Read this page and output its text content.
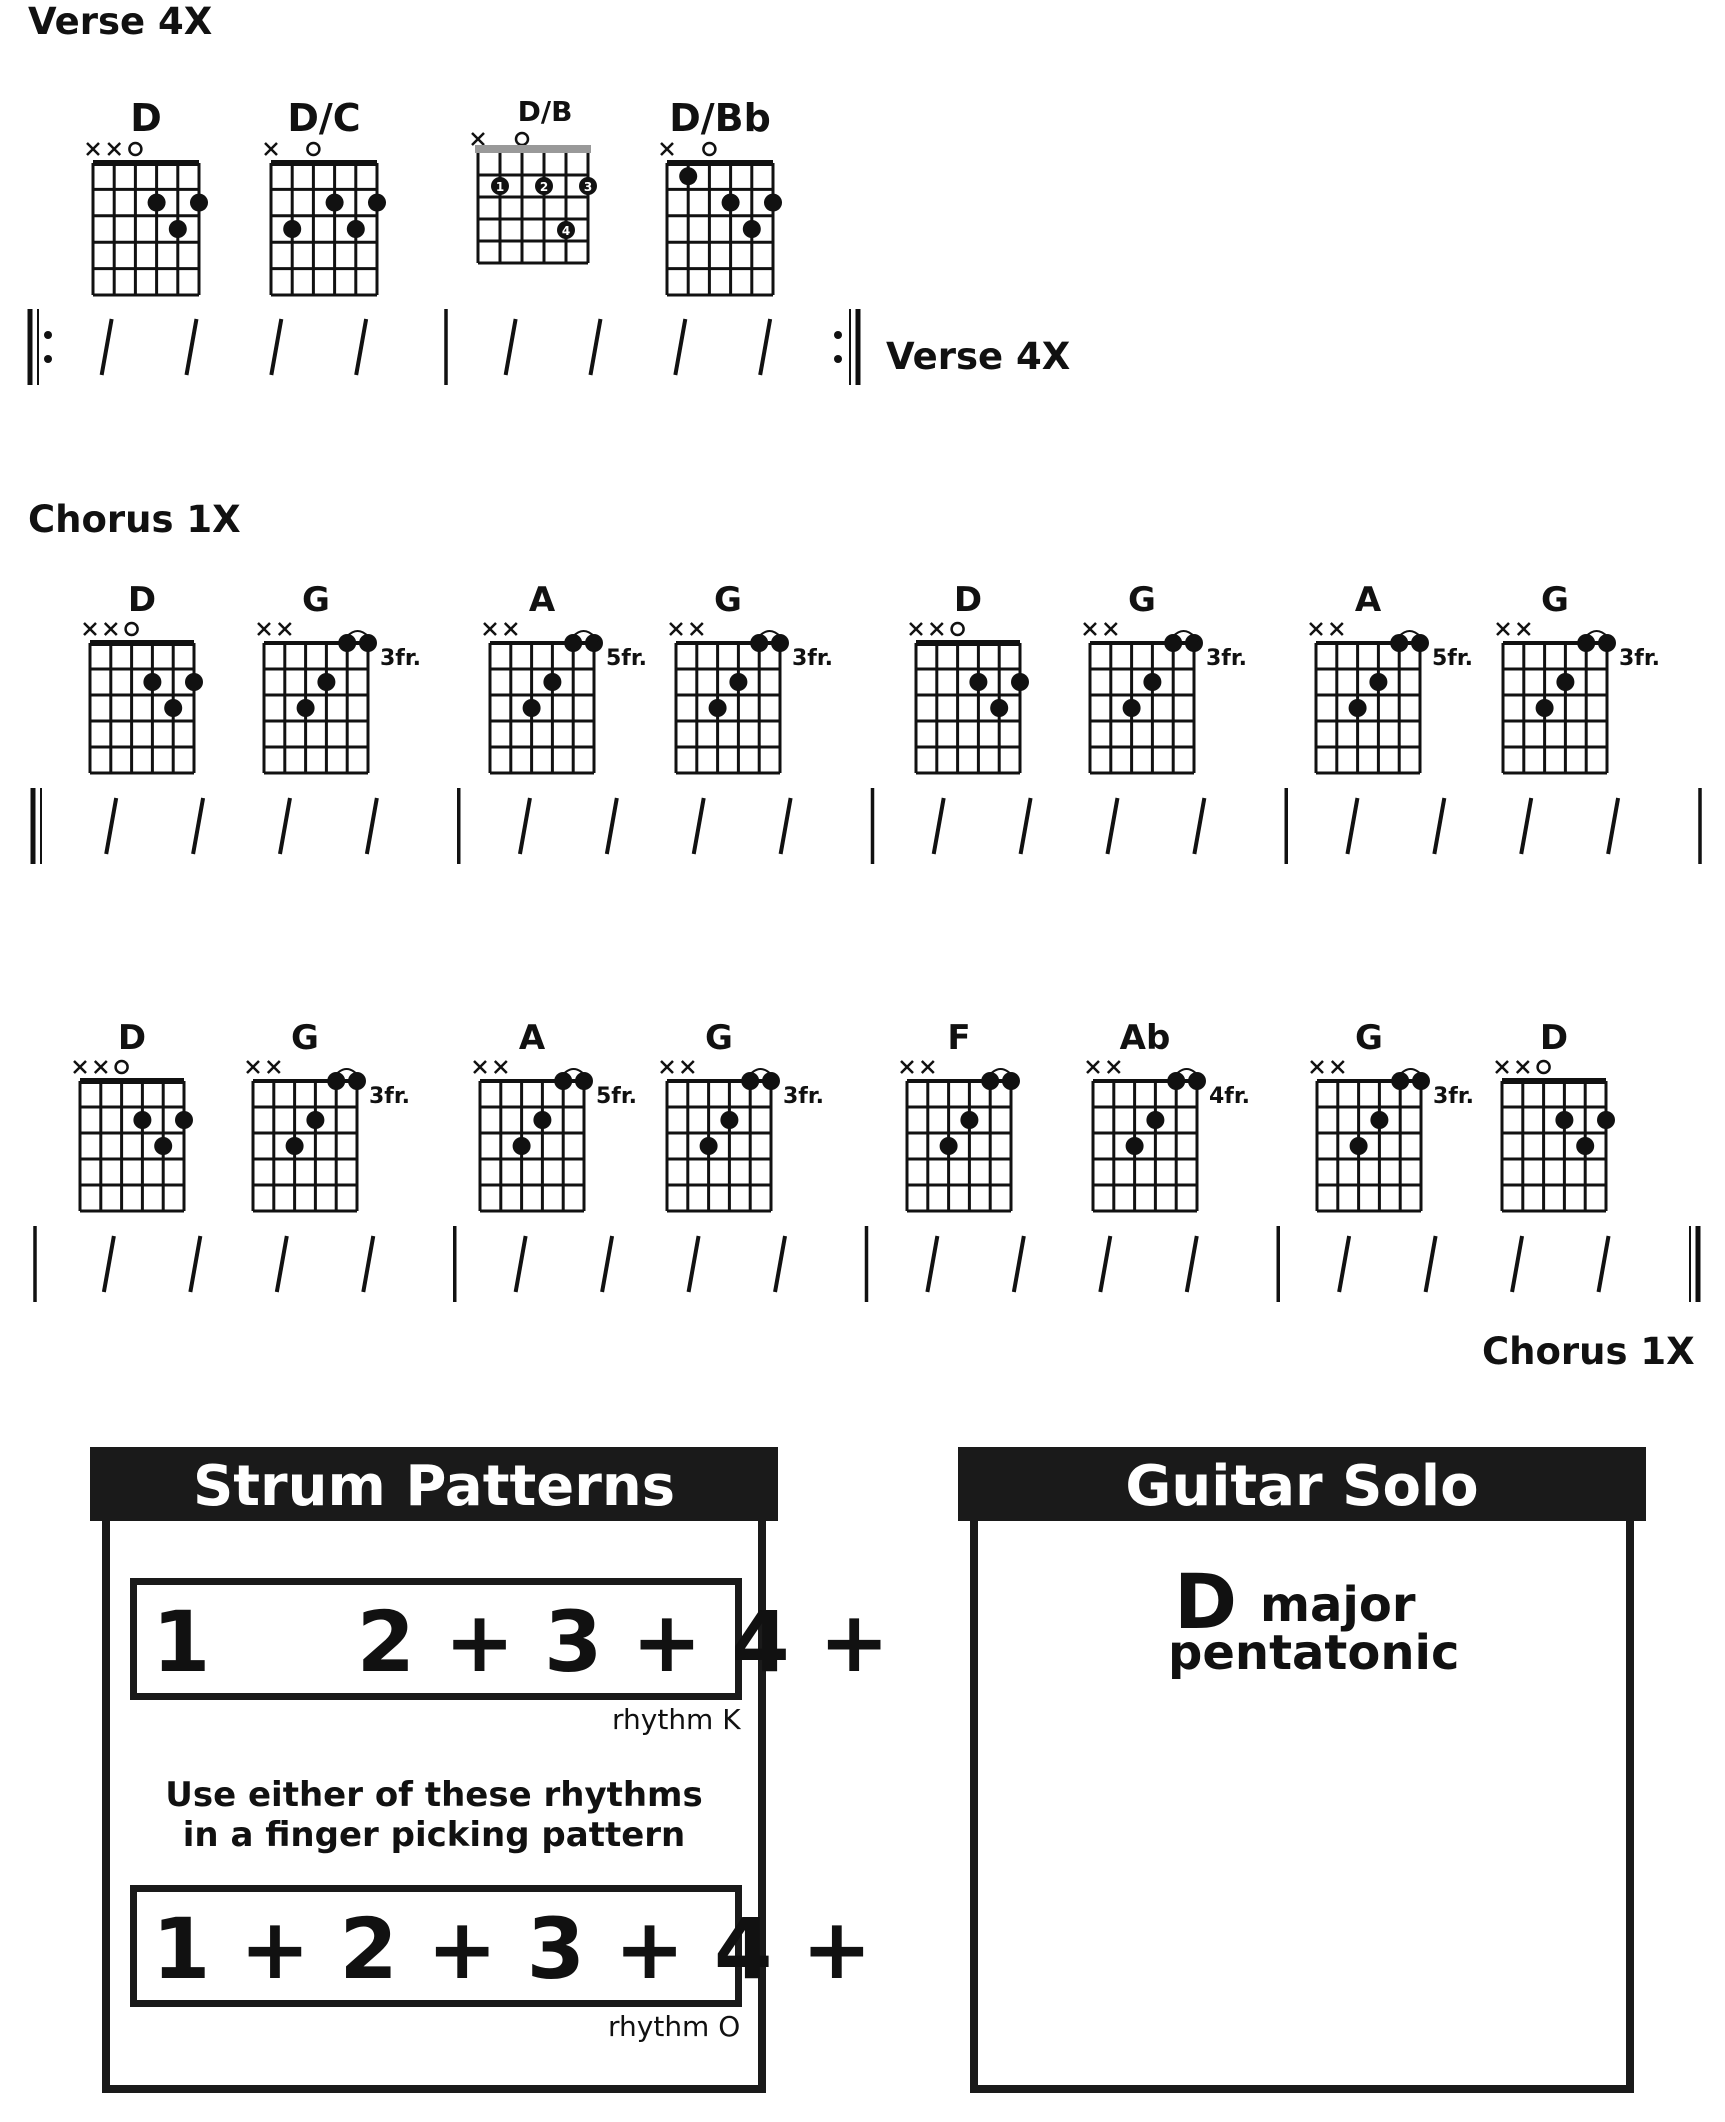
D	D/C	D/B
1	2	3
4
D/Bb
D	G
3fr.
A
5fr.
G
3fr.
D	G
3fr.
A
5fr.
G
3fr.
D	G
3fr.
A
5fr.
G
3fr.
F	Ab
4fr.
G
3fr.
D
Verse 4X
Verse 4X
Chorus 1X
Chorus 1X
Strum Patterns
1     2 + 3 + 4 +
rhythm K
Use either of these rhythms
in a finger picking pattern
1 + 2 + 3 + 4 +
rhythm O
Guitar Solo
D major
pentatonic
